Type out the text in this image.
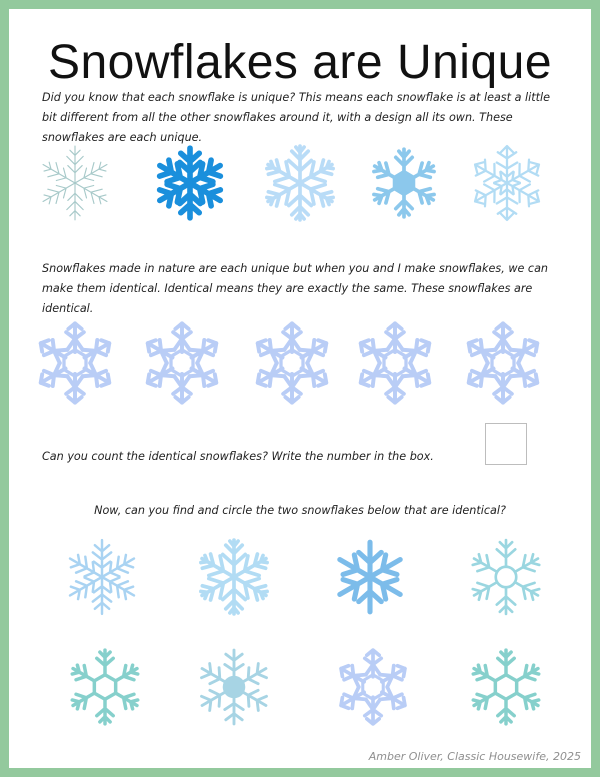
Snowflakes are Unique

Did you know that each snowflake is unique? This means each snowflake is at least a little bit different from all the other snowflakes around it, with a design all its own. These snowflakes are each unique.

Snowflakes made in nature are each unique but when you and I make snowflakes, we can make them identical. Identical means they are exactly the same. These snowflakes are identical.

Can you count the identical snowflakes? Write the number in the box.

Now, can you find and circle the two snowflakes below that are identical?

Amber Oliver, Classic Housewife, 2025
